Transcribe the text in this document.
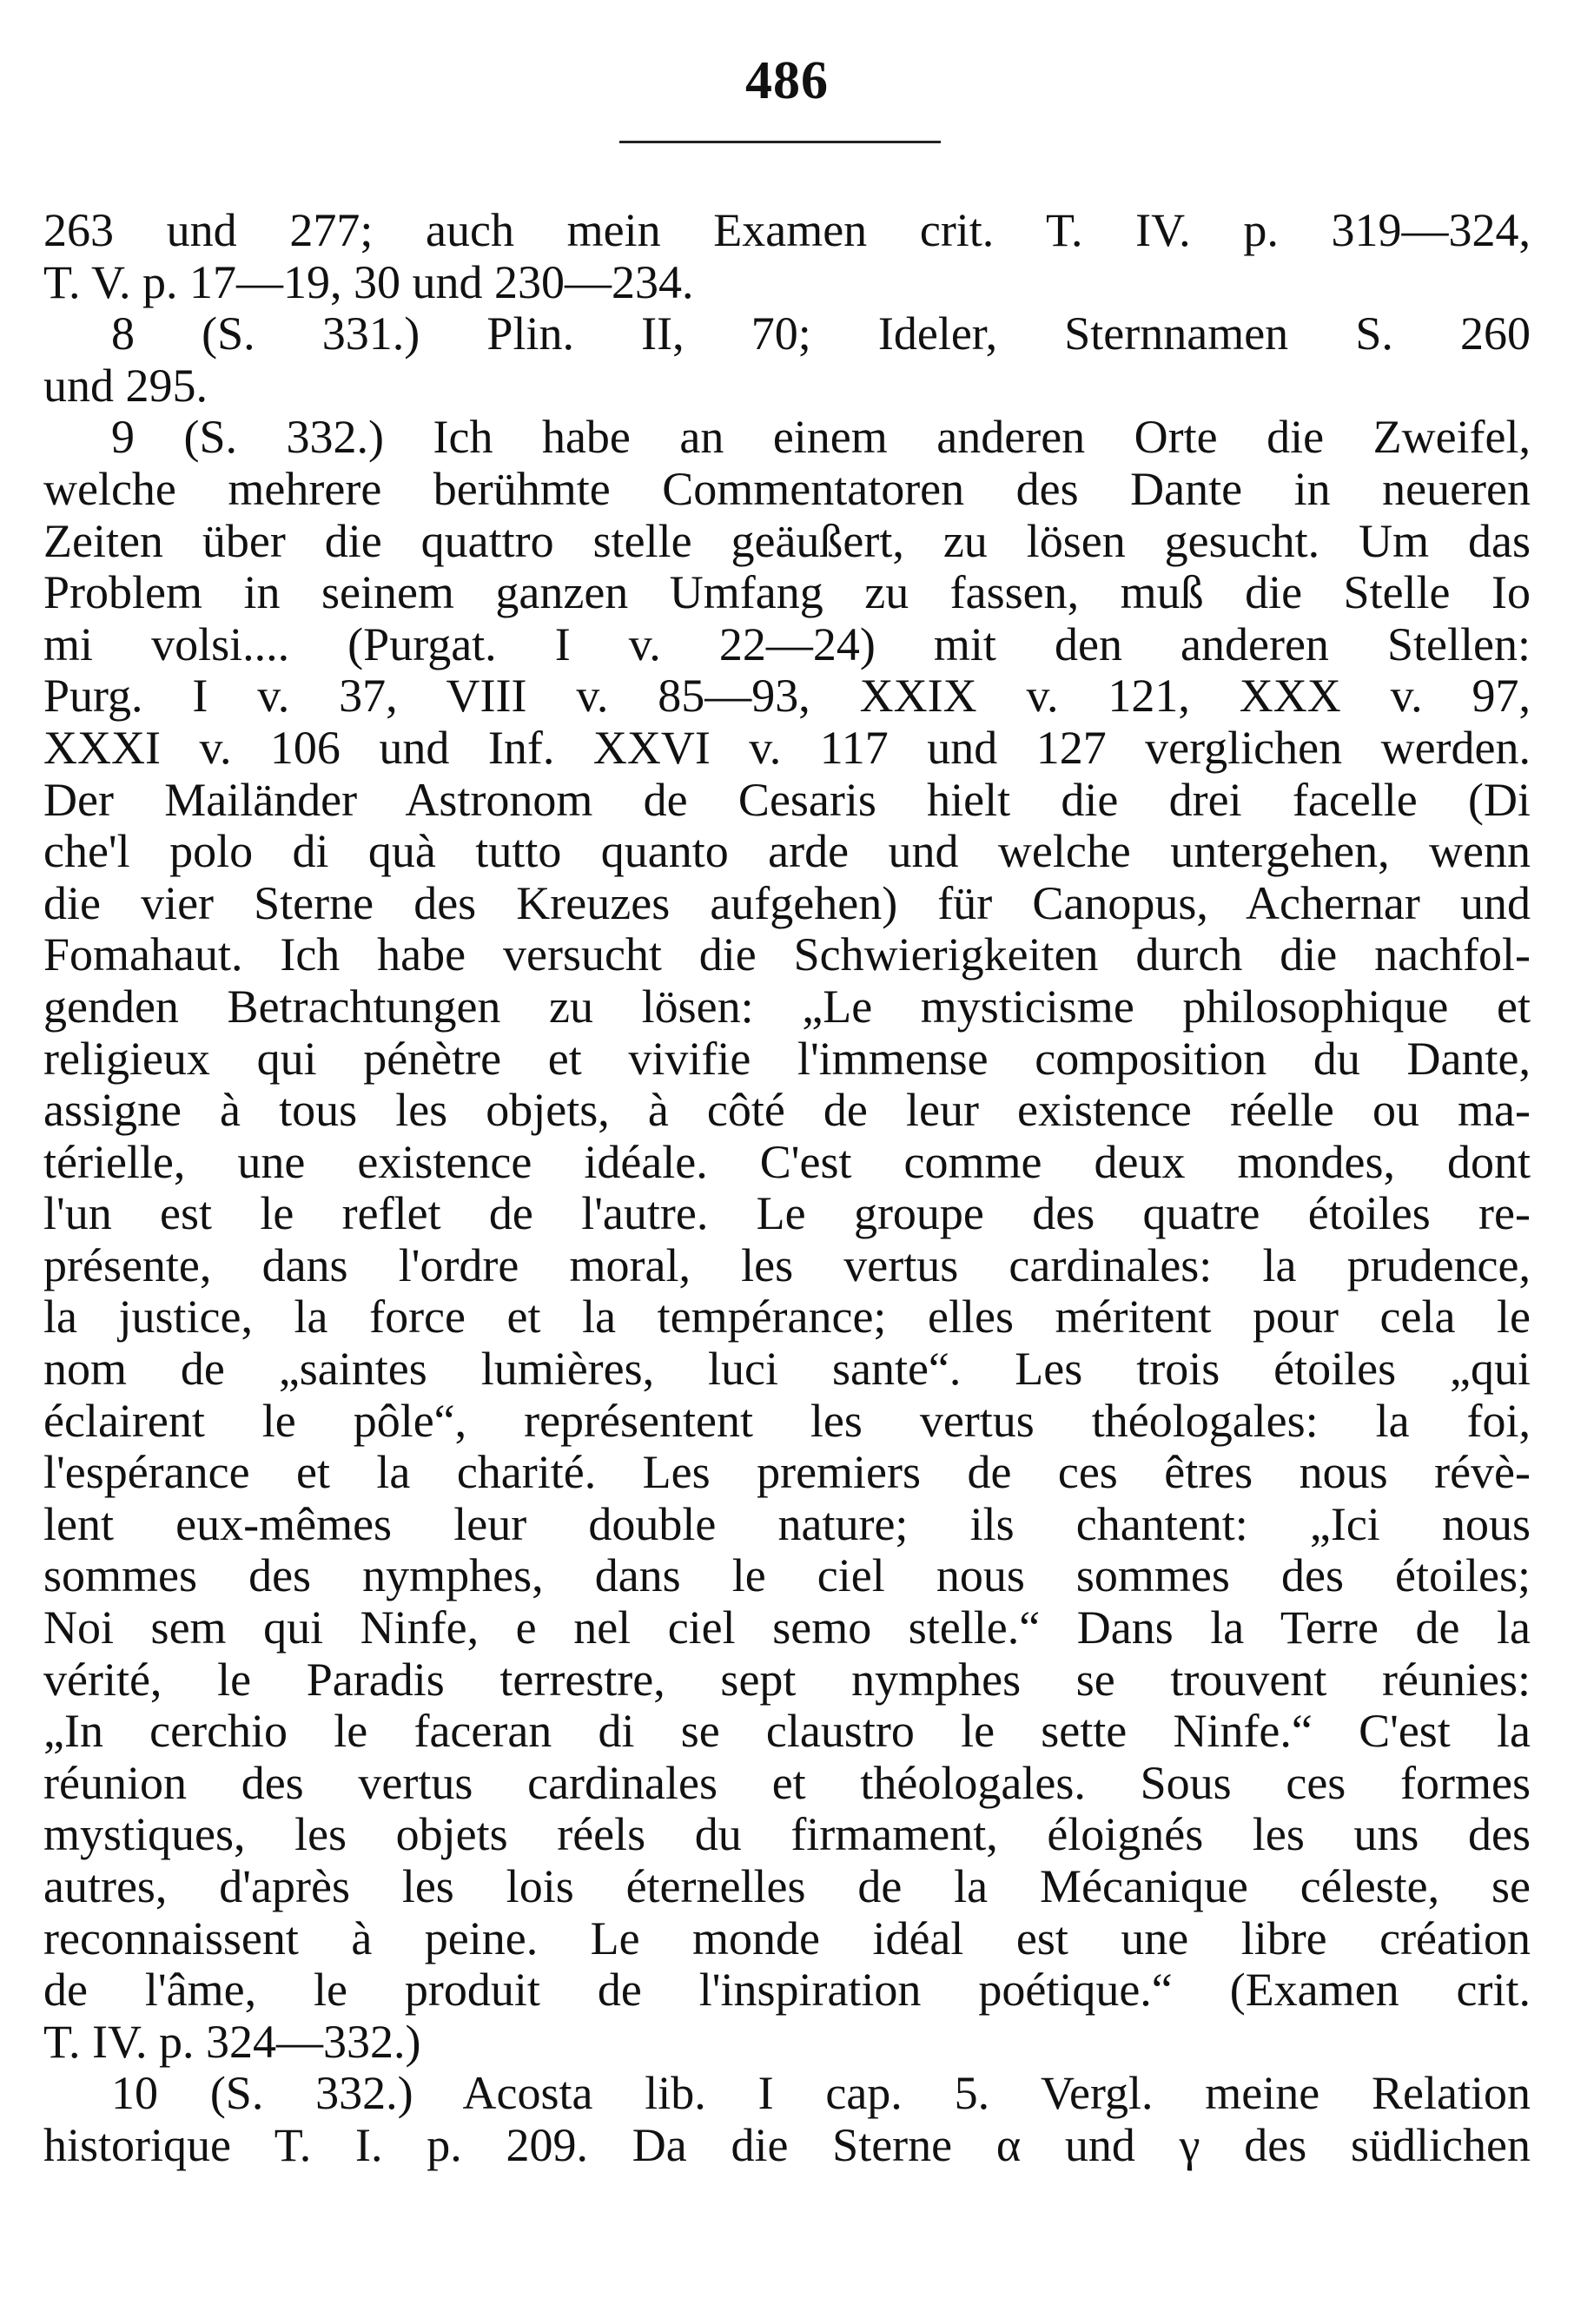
486
263 und 277; auch mein Examen crit. T. IV. p. 319—324,
T. V. p. 17—19, 30 und 230—234.
8 (S. 331.) Plin. II, 70; Ideler, Sternnamen S. 260
und 295.
9 (S. 332.) Ich habe an einem anderen Orte die Zweifel,
welche mehrere berühmte Commentatoren des Dante in neueren
Zeiten über die quattro stelle geäußert, zu lösen gesucht. Um das
Problem in seinem ganzen Umfang zu fassen, muß die Stelle Io
mi volsi.... (Purgat. I v. 22—24) mit den anderen Stellen:
Purg. I v. 37, VIII v. 85—93, XXIX v. 121, XXX v. 97,
XXXI v. 106 und Inf. XXVI v. 117 und 127 verglichen werden.
Der Mailänder Astronom de Cesaris hielt die drei facelle (Di
che'l polo di quà tutto quanto arde und welche untergehen, wenn
die vier Sterne des Kreuzes aufgehen) für Canopus, Achernar und
Fomahaut. Ich habe versucht die Schwierigkeiten durch die nachfol-
genden Betrachtungen zu lösen: „Le mysticisme philosophique et
religieux qui pénètre et vivifie l'immense composition du Dante,
assigne à tous les objets, à côté de leur existence réelle ou ma-
térielle, une existence idéale. C'est comme deux mondes, dont
l'un est le reflet de l'autre. Le groupe des quatre étoiles re-
présente, dans l'ordre moral, les vertus cardinales: la prudence,
la justice, la force et la tempérance; elles méritent pour cela le
nom de „saintes lumières, luci sante“. Les trois étoiles „qui
éclairent le pôle“, représentent les vertus théologales: la foi,
l'espérance et la charité. Les premiers de ces êtres nous révè-
lent eux-mêmes leur double nature; ils chantent: „Ici nous
sommes des nymphes, dans le ciel nous sommes des étoiles;
Noi sem qui Ninfe, e nel ciel semo stelle.“ Dans la Terre de la
vérité, le Paradis terrestre, sept nymphes se trouvent réunies:
„In cerchio le faceran di se claustro le sette Ninfe.“ C'est la
réunion des vertus cardinales et théologales. Sous ces formes
mystiques, les objets réels du firmament, éloignés les uns des
autres, d'après les lois éternelles de la Mécanique céleste, se
reconnaissent à peine. Le monde idéal est une libre création
de l'âme, le produit de l'inspiration poétique.“ (Examen crit.
T. IV. p. 324—332.)
10 (S. 332.) Acosta lib. I cap. 5. Vergl. meine Relation
historique T. I. p. 209. Da die Sterne α und γ des südlichen
